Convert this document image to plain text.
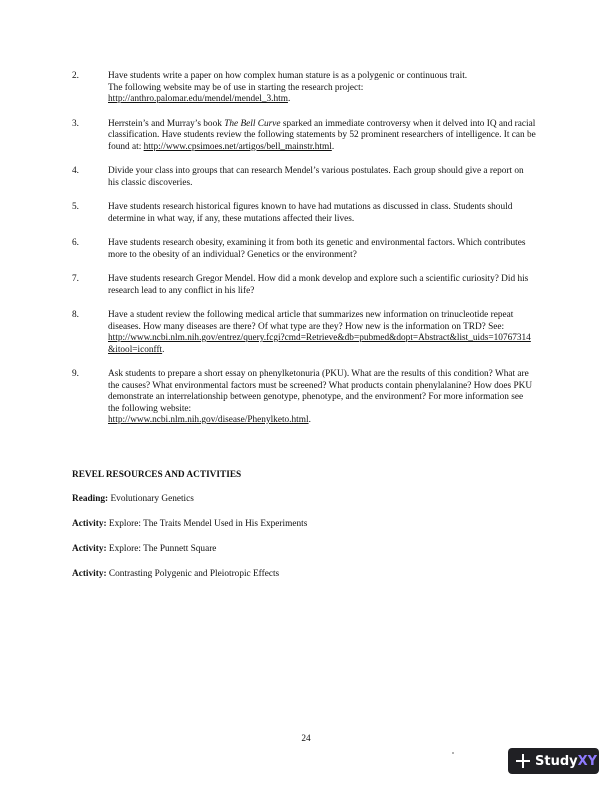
2.	Have students write a paper on how complex human stature is as a polygenic or continuous trait.

The following website may be of use in starting the research project:

http://anthro.palomar.edu/mendel/mendel_3.htm.

3.	Herrstein’s and Murray’s book The Bell Curve sparked an immediate controversy when it delved into IQ and racial classification. Have students review the following statements by 52 prominent researchers of intelligence. It can be found at: http://www.cpsimoes.net/artigos/bell_mainstr.html.

4.	Divide your class into groups that can research Mendel’s various postulates. Each group should give a report on his classic discoveries.

5.	Have students research historical figures known to have had mutations as discussed in class. Students should determine in what way, if any, these mutations affected their lives.

6.	Have students research obesity, examining it from both its genetic and environmental factors. Which contributes more to the obesity of an individual? Genetics or the environment?

7.	Have students research Gregor Mendel. How did a monk develop and explore such a scientific curiosity? Did his research lead to any conflict in his life?

8.	Have a student review the following medical article that summarizes new information on trinucleotide repeat diseases. How many diseases are there? Of what type are they? How new is the information on TRD? See:

http://www.ncbi.nlm.nih.gov/entrez/query.fcgi?cmd=Retrieve&db=pubmed&dopt=Abstract&list_uids=10767314&itool=iconfft.

9.	Ask students to prepare a short essay on phenylketonuria (PKU). What are the results of this condition? What are the causes? What environmental factors must be screened? What products contain phenylalanine? How does PKU demonstrate an interrelationship between genotype, phenotype, and the environment? For more information see the following website:

http://www.ncbi.nlm.nih.gov/disease/Phenylketo.html.

REVEL RESOURCES AND ACTIVITIES

Reading: Evolutionary Genetics

Activity: Explore: The Traits Mendel Used in His Experiments

Activity: Explore: The Punnett Square

Activity: Contrasting Polygenic and Pleiotropic Effects

24
StudyXY
